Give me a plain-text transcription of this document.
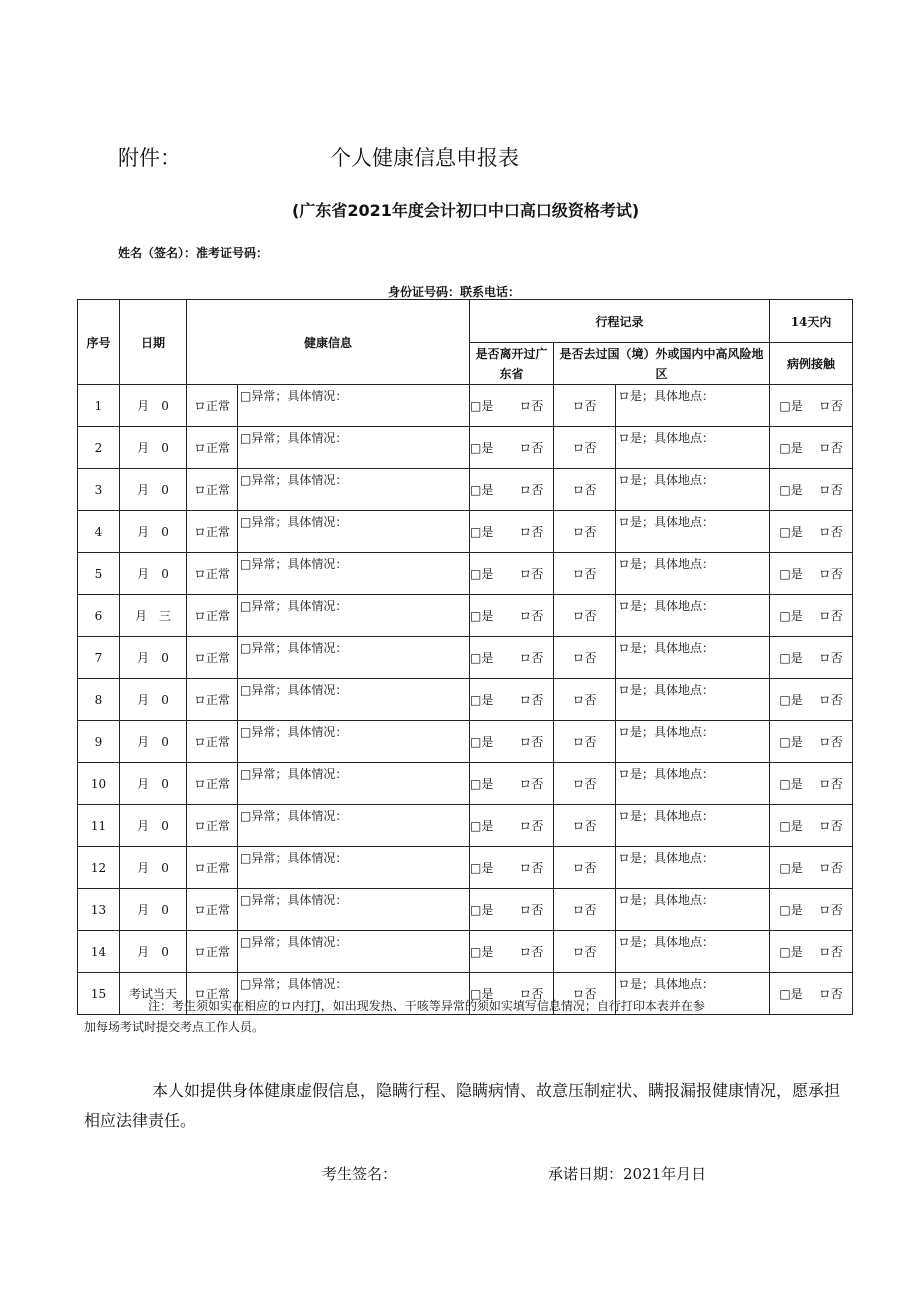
附件：	个人健康信息申报表
(广东省2021年度会计初口中口高口级资格考试)
姓名（签名）：准考证号码：
身份证号码：联系电话：
序号	日期	健康信息		行程记录			14天内
				是否离开过广东省	是否去过国（境）外或国内中高风险地区		病例接触
1	月 0	ロ正常	□异常；具体情况：	□是 ロ否	ロ否	ロ是；具体地点：	□是 ロ否
2	月 0	ロ正常	□异常；具体情况：	□是 ロ否	ロ否	ロ是；具体地点：	□是 ロ否
3	月 0	ロ正常	□异常；具体情况：	□是 ロ否	ロ否	ロ是；具体地点：	□是 ロ否
4	月 0	ロ正常	□异常；具体情况：	□是 ロ否	ロ否	ロ是；具体地点：	□是 ロ否
5	月 0	ロ正常	□异常；具体情况：	□是 ロ否	ロ否	ロ是；具体地点：	□是 ロ否
6	月 三	ロ正常	□异常；具体情况：	□是 ロ否	ロ否	ロ是；具体地点：	□是 ロ否
7	月 0	ロ正常	□异常；具体情况：	□是 ロ否	ロ否	ロ是；具体地点：	□是 ロ否
8	月 0	ロ正常	□异常；具体情况：	□是 ロ否	ロ否	ロ是；具体地点：	□是 ロ否
9	月 0	ロ正常	□异常；具体情况：	□是 ロ否	ロ否	ロ是；具体地点：	□是 ロ否
10	月 0	ロ正常	□异常；具体情况：	□是 ロ否	ロ否	ロ是；具体地点：	□是 ロ否
11	月 0	ロ正常	□异常；具体情况：	□是 ロ否	ロ否	ロ是；具体地点：	□是 ロ否
12	月 0	ロ正常	□异常；具体情况：	□是 ロ否	ロ否	ロ是；具体地点：	□是 ロ否
13	月 0	ロ正常	□异常；具体情况：	□是 ロ否	ロ否	ロ是；具体地点：	□是 ロ否
14	月 0	ロ正常	□异常；具体情况：	□是 ロ否	ロ否	ロ是；具体地点：	□是 ロ否
15	考试当天	ロ正常	□异常；具体情况：	□是 ロ否	ロ否	ロ是；具体地点：	□是 ロ否
注：考生须如实在相应的ロ内打J，如出现发热、干咳等异常的须如实填写信息情况；自行打印本表并在参
加每场考试时提交考点工作人员。
本人如提供身体健康虚假信息，隐瞒行程、隐瞒病情、故意压制症状、瞒报漏报健康情况，愿承担相应法律责任。
考生签名：	承诺日期：2021年月日
